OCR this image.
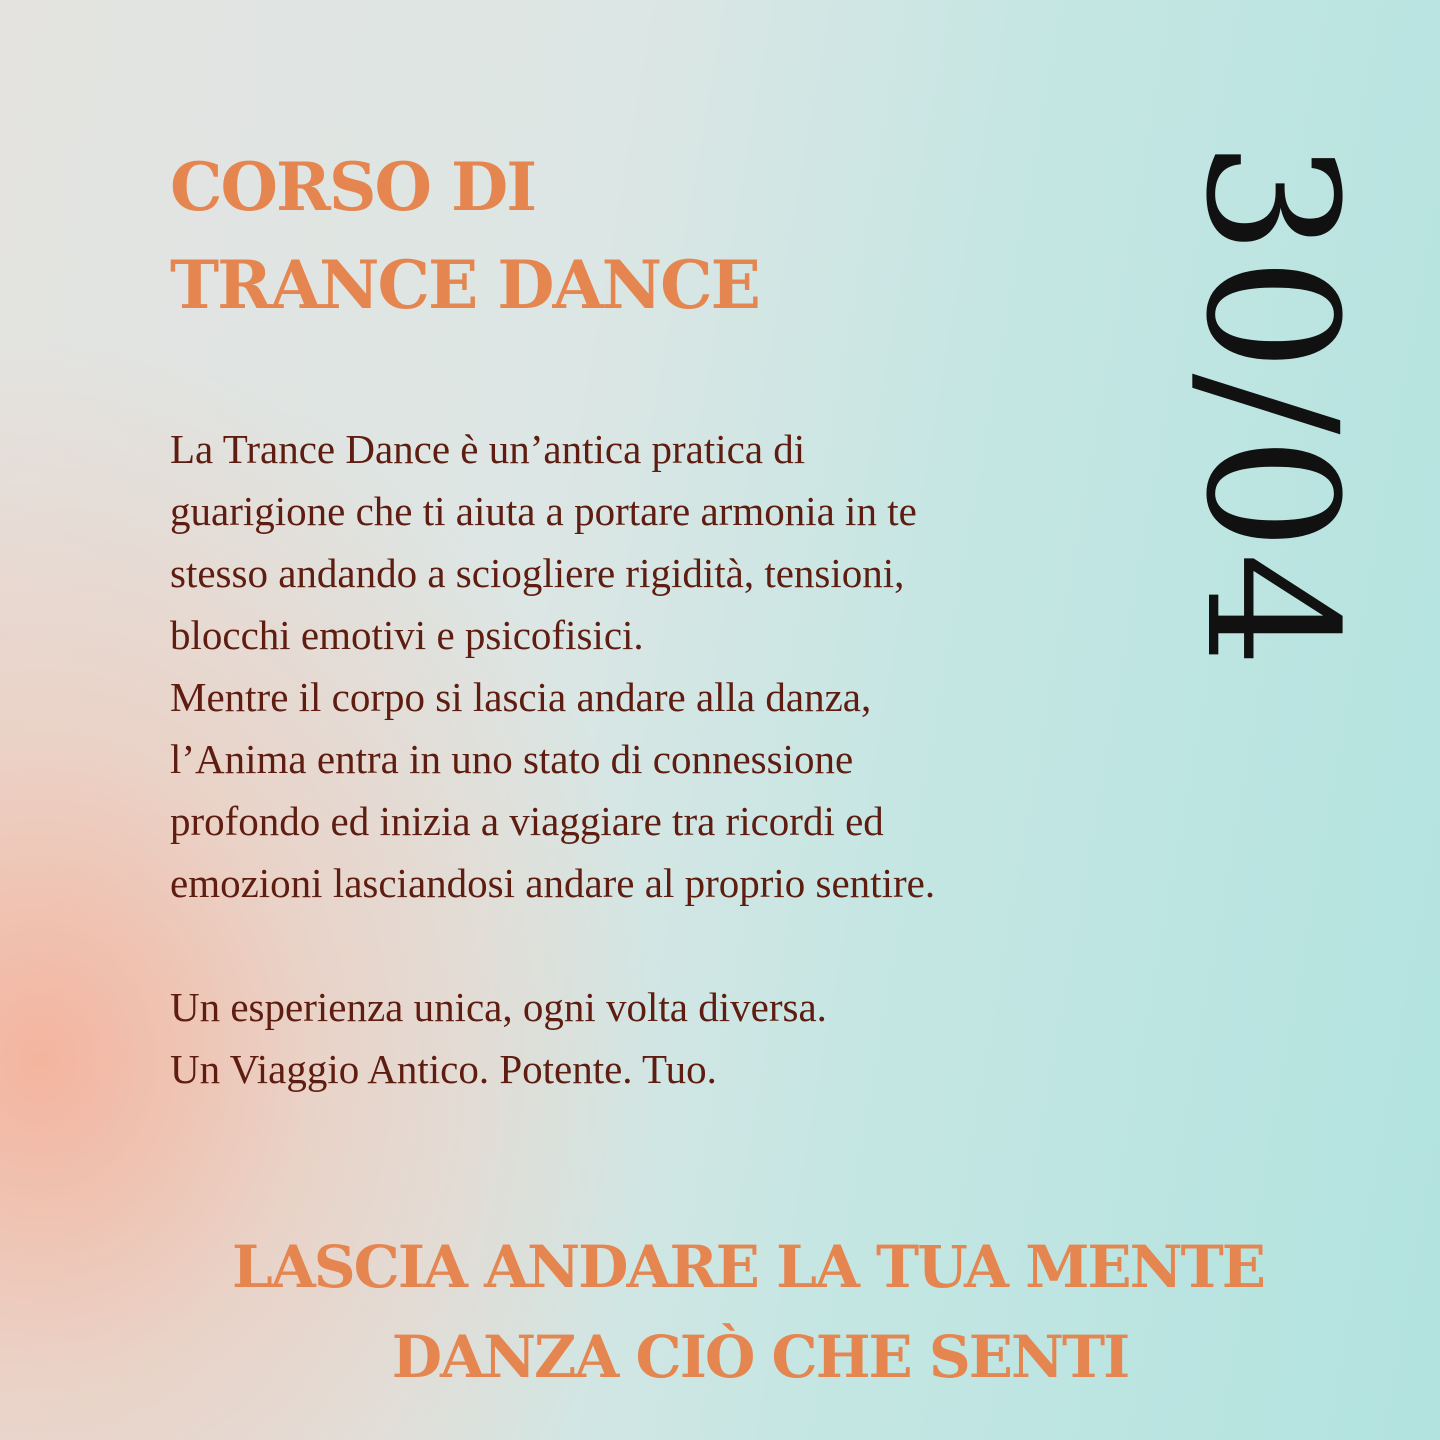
CORSO DI
TRANCE DANCE 30/04
La Trance Dance è un’antica pratica di
guarigione che ti aiuta a portare armonia in te
stesso andando a sciogliere rigidità, tensioni,
blocchi emotivi e psicofisici.
Mentre il corpo si lascia andare alla danza,
l’Anima entra in uno stato di connessione
profondo ed inizia a viaggiare tra ricordi ed
emozioni lasciandosi andare al proprio sentire.
Un esperienza unica, ogni volta diversa.
Un Viaggio Antico. Potente. Tuo.
LASCIA ANDARE LA TUA MENTE
DANZA CIÒ CHE SENTI
